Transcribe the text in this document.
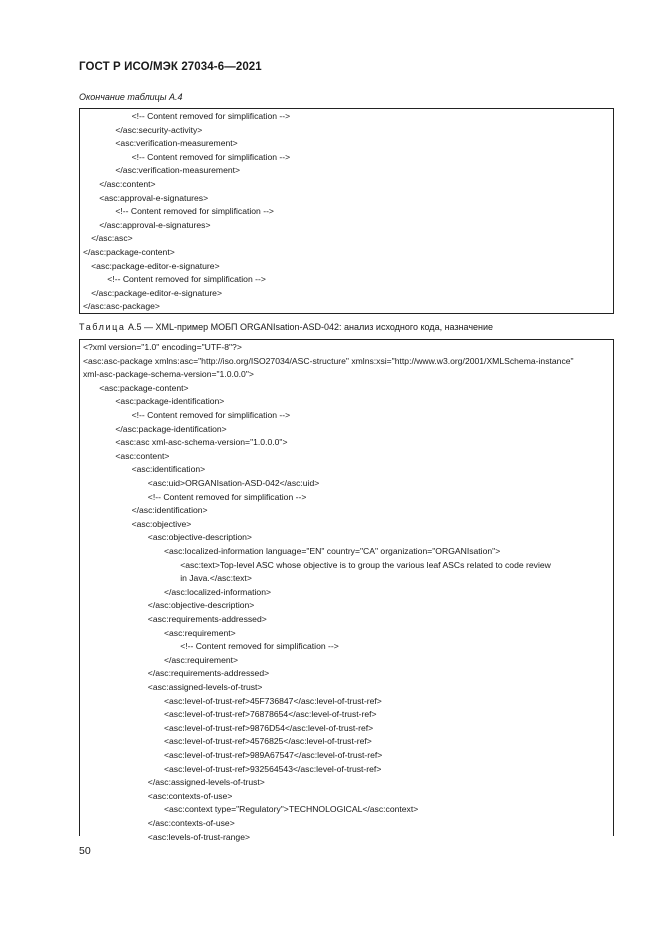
ГОСТ Р ИСО/МЭК 27034-6—2021
Окончание таблицы А.4
<!-- Content removed for simplification -->
</asc:security-activity>
<asc:verification-measurement>
<!-- Content removed for simplification -->
</asc:verification-measurement>
</asc:content>
<asc:approval-e-signatures>
<!-- Content removed for simplification -->
</asc:approval-e-signatures>
</asc:asc>
</asc:package-content>
<asc:package-editor-e-signature>
<!-- Content removed for simplification -->
</asc:package-editor-e-signature>
</asc:asc-package>
Таблица А.5 — XML-пример МОБП ORGANIsation-ASD-042: анализ исходного кода, назначение
<?xml version="1.0" encoding="UTF-8"?>
<asc:asc-package xmlns:asc="http://iso.org/ISO27034/ASC-structure" xmlns:xsi="http://www.w3.org/2001/XMLSchema-instance"
xml-asc-package-schema-version="1.0.0.0">
<asc:package-content>
<asc:package-identification>
<!-- Content removed for simplification -->
</asc:package-identification>
<asc:asc xml-asc-schema-version="1.0.0.0">
<asc:content>
<asc:identification>
<asc:uid>ORGANIsation-ASD-042</asc:uid>
<!-- Content removed for simplification -->
</asc:identification>
<asc:objective>
<asc:objective-description>
<asc:localized-information language="EN" country="CA" organization="ORGANIsation">
<asc:text>Top-level ASC whose objective is to group the various leaf ASCs related to code review
in Java.</asc:text>
</asc:localized-information>
</asc:objective-description>
<asc:requirements-addressed>
<asc:requirement>
<!-- Content removed for simplification -->
</asc:requirement>
</asc:requirements-addressed>
<asc:assigned-levels-of-trust>
<asc:level-of-trust-ref>45F736847</asc:level-of-trust-ref>
<asc:level-of-trust-ref>76878654</asc:level-of-trust-ref>
<asc:level-of-trust-ref>9876D54</asc:level-of-trust-ref>
<asc:level-of-trust-ref>4576825</asc:level-of-trust-ref>
<asc:level-of-trust-ref>989A67547</asc:level-of-trust-ref>
<asc:level-of-trust-ref>932564543</asc:level-of-trust-ref>
</asc:assigned-levels-of-trust>
<asc:contexts-of-use>
<asc:context type="Regulatory">TECHNOLOGICAL</asc:context>
</asc:contexts-of-use>
<asc:levels-of-trust-range>
50
